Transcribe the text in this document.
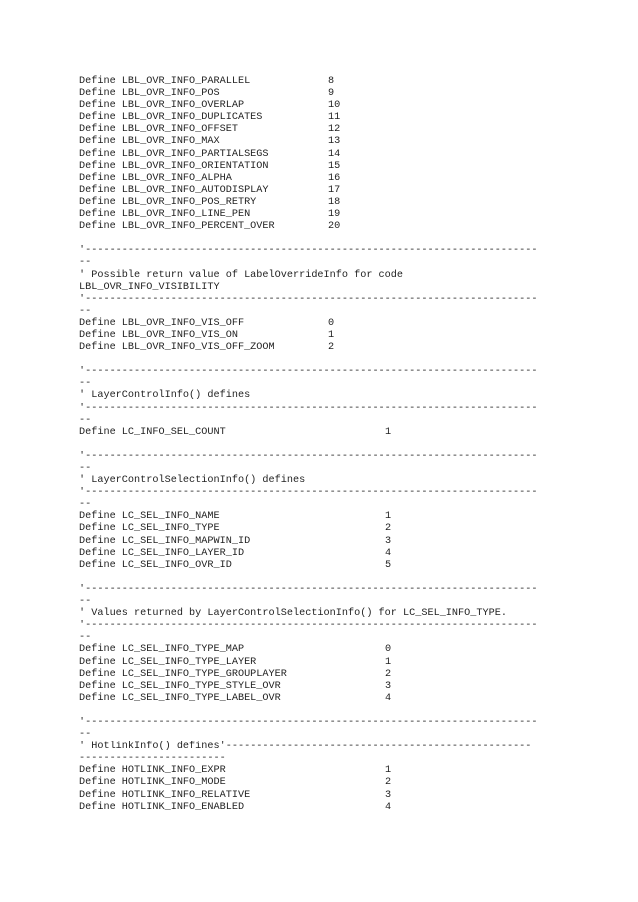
Define LBL_OVR_INFO_PARALLEL	8
Define LBL_OVR_INFO_POS	9
Define LBL_OVR_INFO_OVERLAP	10
Define LBL_OVR_INFO_DUPLICATES	11
Define LBL_OVR_INFO_OFFSET	12
Define LBL_OVR_INFO_MAX	13
Define LBL_OVR_INFO_PARTIALSEGS	14
Define LBL_OVR_INFO_ORIENTATION	15
Define LBL_OVR_INFO_ALPHA	16
Define LBL_OVR_INFO_AUTODISPLAY	17
Define LBL_OVR_INFO_POS_RETRY	18
Define LBL_OVR_INFO_LINE_PEN	19
Define LBL_OVR_INFO_PERCENT_OVER	20
'--------------------------------------------------------------------------
--
' Possible return value of LabelOverrideInfo for code
LBL_OVR_INFO_VISIBILITY
'--------------------------------------------------------------------------
--
Define LBL_OVR_INFO_VIS_OFF	0
Define LBL_OVR_INFO_VIS_ON	1
Define LBL_OVR_INFO_VIS_OFF_ZOOM	2
'--------------------------------------------------------------------------
--
' LayerControlInfo() defines
'--------------------------------------------------------------------------
--
Define LC_INFO_SEL_COUNT	1
'--------------------------------------------------------------------------
--
' LayerControlSelectionInfo() defines
'--------------------------------------------------------------------------
--
Define LC_SEL_INFO_NAME	1
Define LC_SEL_INFO_TYPE	2
Define LC_SEL_INFO_MAPWIN_ID	3
Define LC_SEL_INFO_LAYER_ID	4
Define LC_SEL_INFO_OVR_ID	5
'--------------------------------------------------------------------------
--
' Values returned by LayerControlSelectionInfo() for LC_SEL_INFO_TYPE.
'--------------------------------------------------------------------------
--
Define LC_SEL_INFO_TYPE_MAP	0
Define LC_SEL_INFO_TYPE_LAYER	1
Define LC_SEL_INFO_TYPE_GROUPLAYER	2
Define LC_SEL_INFO_TYPE_STYLE_OVR	3
Define LC_SEL_INFO_TYPE_LABEL_OVR	4
'--------------------------------------------------------------------------
--
' HotlinkInfo() defines'--------------------------------------------------
------------------------
Define HOTLINK_INFO_EXPR	1
Define HOTLINK_INFO_MODE	2
Define HOTLINK_INFO_RELATIVE	3
Define HOTLINK_INFO_ENABLED	4
